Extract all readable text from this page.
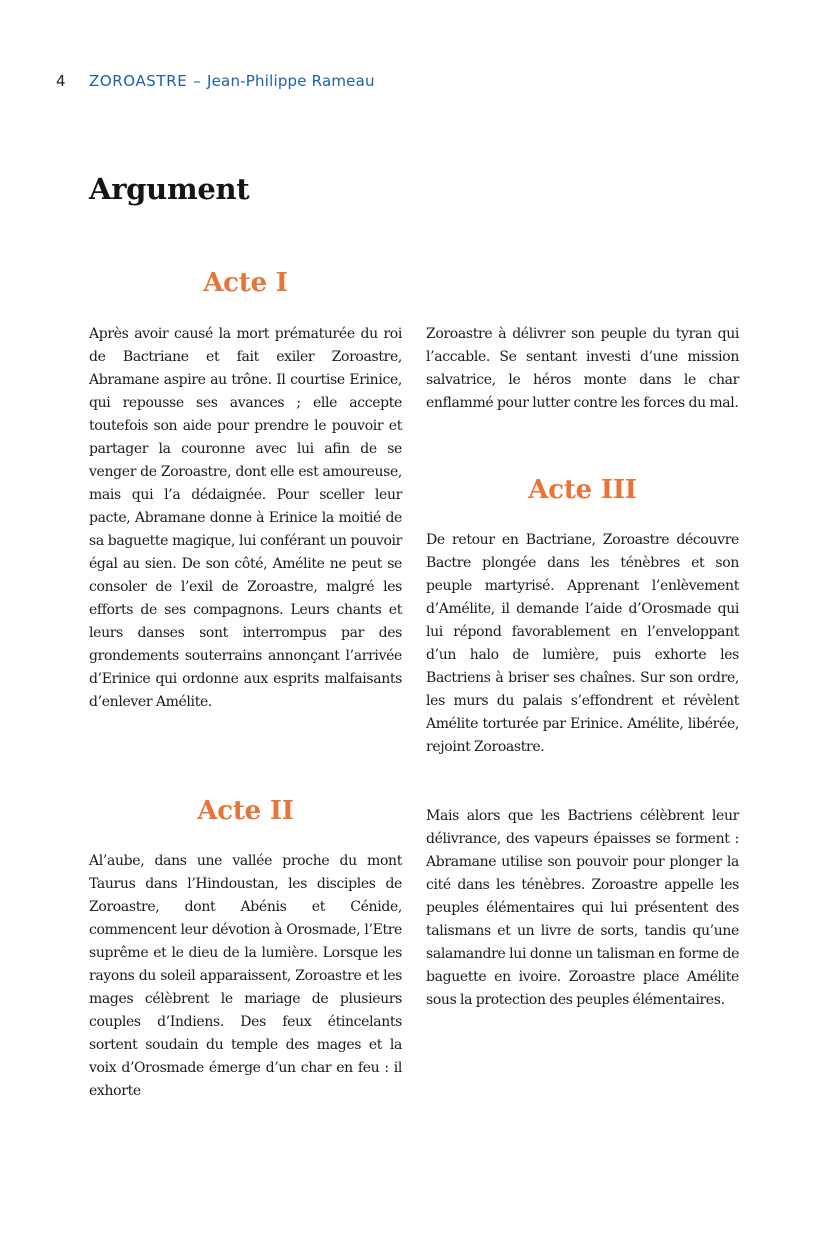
4 ZOROASTRE – Jean-Philippe Rameau
Argument
Acte I

Après avoir causé la mort prématurée du roi de Bactriane et fait exiler Zoroastre, Abramane aspire au trône. Il courtise Erinice, qui repousse ses avances ; elle accepte toutefois son aide pour prendre le pouvoir et partager la couronne avec lui afin de se venger de Zoroastre, dont elle est amoureuse, mais qui l’a dédaignée. Pour sceller leur pacte, Abramane donne à Erinice la moitié de sa baguette magique, lui conférant un pouvoir égal au sien. De son côté, Amélite ne peut se consoler de l’exil de Zoroastre, malgré les efforts de ses compagnons. Leurs chants et leurs danses sont interrompus par des grondements souterrains annonçant l’arrivée d’Erinice qui ordonne aux esprits malfaisants d’enlever Amélite.

Acte II

Al’aube, dans une vallée proche du mont Taurus dans l’Hindoustan, les disciples de Zoroastre, dont Abénis et Cénide, commencent leur dévotion à Orosmade, l’Etre suprême et le dieu de la lumière. Lorsque les rayons du soleil apparaissent, Zoroastre et les mages célèbrent le mariage de plusieurs couples d’Indiens. Des feux étincelants sortent soudain du temple des mages et la voix d’Orosmade émerge d’un char en feu : il exhorte

Zoroastre à délivrer son peuple du tyran qui l’accable. Se sentant investi d’une mission salvatrice, le héros monte dans le char enflammé pour lutter contre les forces du mal.

Acte III

De retour en Bactriane, Zoroastre découvre Bactre plongée dans les ténèbres et son peuple martyrisé. Apprenant l’enlèvement d’Amélite, il demande l’aide d’Orosmade qui lui répond favorablement en l’enveloppant d’un halo de lumière, puis exhorte les Bactriens à briser ses chaînes. Sur son ordre, les murs du palais s’effondrent et révèlent Amélite torturée par Erinice. Amélite, libérée, rejoint Zoroastre.

Mais alors que les Bactriens célèbrent leur délivrance, des vapeurs épaisses se forment : Abramane utilise son pouvoir pour plonger la cité dans les ténèbres. Zoroastre appelle les peuples élémentaires qui lui présentent des talismans et un livre de sorts, tandis qu’une salamandre lui donne un talisman en forme de baguette en ivoire. Zoroastre place Amélite sous la protection des peuples élémentaires.
